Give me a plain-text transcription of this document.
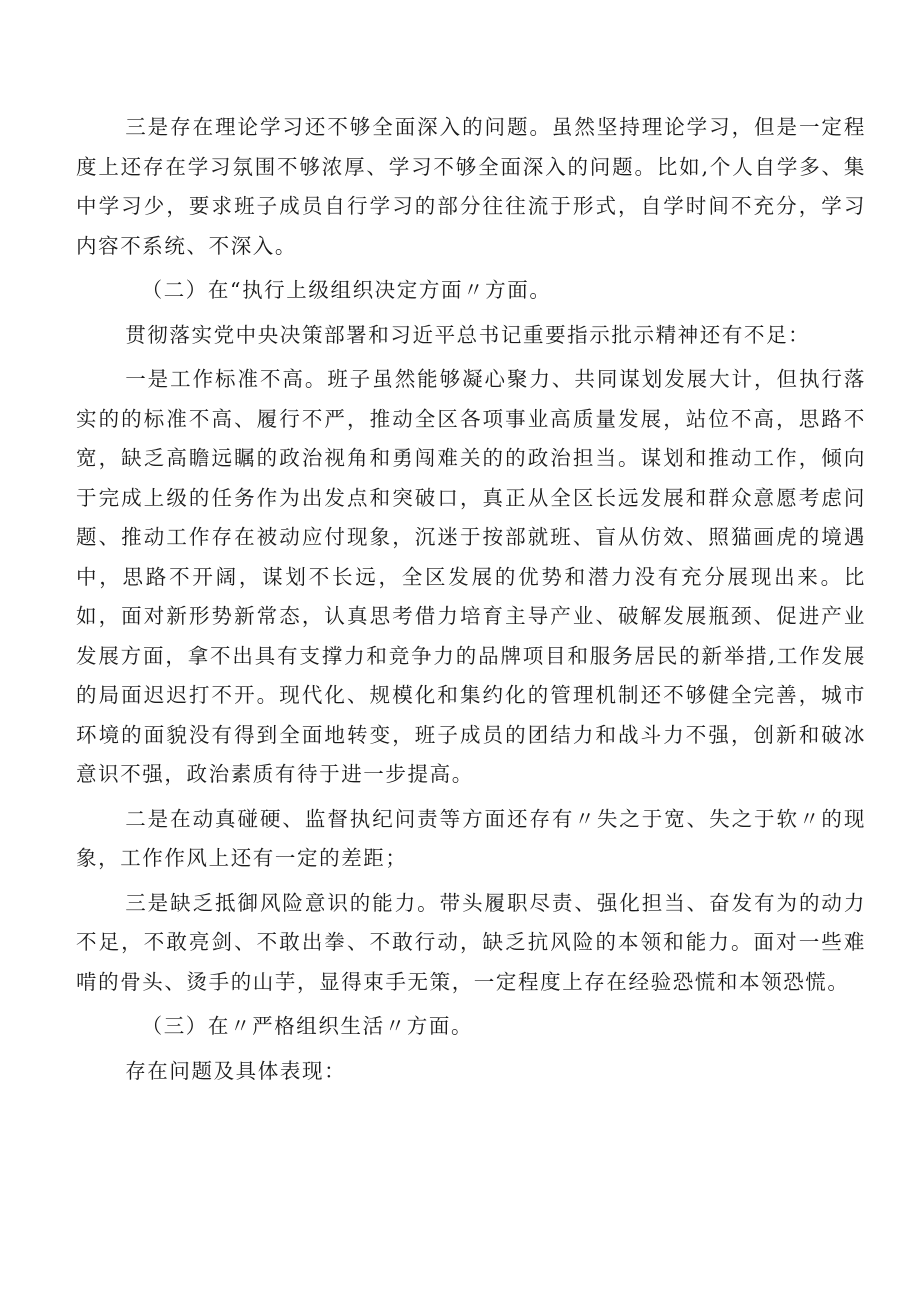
三是存在理论学习还不够全面深入的问题。虽然坚持理论学习，但是一定程度上还存在学习氛围不够浓厚、学习不够全面深入的问题。比如,个人自学多、集中学习少，要求班子成员自行学习的部分往往流于形式，自学时间不充分，学习内容不系统、不深入。

（二）在“执行上级组织决定方面〃方面。

贯彻落实党中央决策部署和习近平总书记重要指示批示精神还有不足：

一是工作标准不高。班子虽然能够凝心聚力、共同谋划发展大计，但执行落实的的标准不高、履行不严，推动全区各项事业高质量发展，站位不高，思路不宽，缺乏高瞻远瞩的政治视角和勇闯难关的的政治担当。谋划和推动工作，倾向于完成上级的任务作为出发点和突破口，真正从全区长远发展和群众意愿考虑问题、推动工作存在被动应付现象，沉迷于按部就班、盲从仿效、照猫画虎的境遇中，思路不开阔，谋划不长远，全区发展的优势和潜力没有充分展现出来。比如，面对新形势新常态，认真思考借力培育主导产业、破解发展瓶颈、促进产业发展方面，拿不出具有支撑力和竞争力的品牌项目和服务居民的新举措,工作发展的局面迟迟打不开。现代化、规模化和集约化的管理机制还不够健全完善，城市环境的面貌没有得到全面地转变，班子成员的团结力和战斗力不强，创新和破冰意识不强，政治素质有待于进一步提高。

二是在动真碰硬、监督执纪问责等方面还存有〃失之于宽、失之于软〃的现象，工作作风上还有一定的差距；

三是缺乏抵御风险意识的能力。带头履职尽责、强化担当、奋发有为的动力不足，不敢亮剑、不敢出拳、不敢行动，缺乏抗风险的本领和能力。面对一些难啃的骨头、烫手的山芋，显得束手无策，一定程度上存在经验恐慌和本领恐慌。

（三）在〃严格组织生活〃方面。

存在问题及具体表现：
